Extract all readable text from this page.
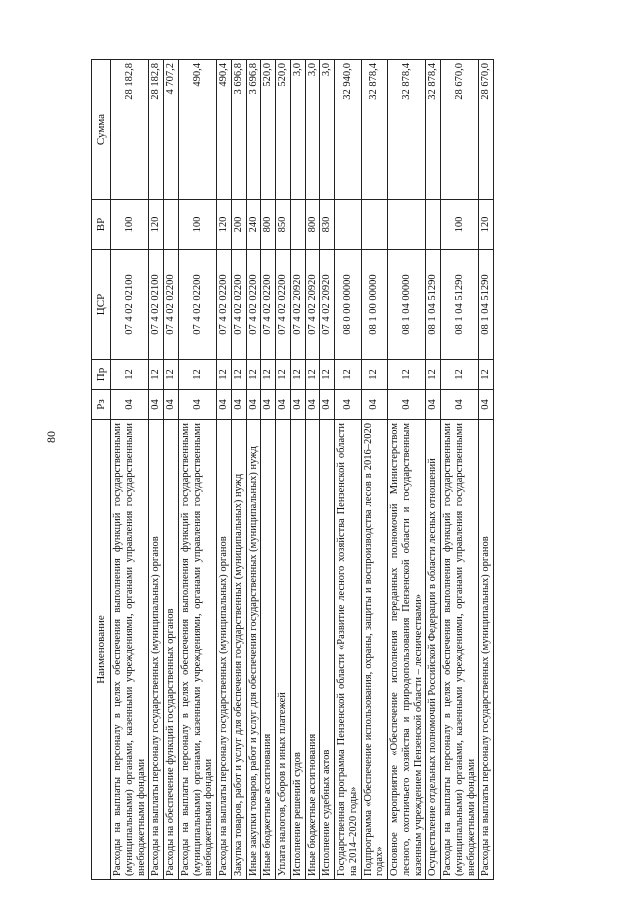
80
Наименование	Рз	Пр	ЦСР	ВР	Сумма
Расходы на выплаты персоналу в целях обеспечения выполнения функций государственными (муниципальными) органами, казенными учреждениями, органами управления государственными внебюджетными фондами	04	12	07 4 02 02100	100	28 182,8
Расходы на выплаты персоналу государственных (муниципальных) органов	04	12	07 4 02 02100	120	28 182,8
Расходы на обеспечение функций государственных органов	04	12	07 4 02 02200		4 707,2
Расходы на выплаты персоналу в целях обеспечения выполнения функций государственными (муниципальными) органами, казенными учреждениями, органами управления государственными внебюджетными фондами	04	12	07 4 02 02200	100	490,4
Расходы на выплаты персоналу государственных (муниципальных) органов	04	12	07 4 02 02200	120	490,4
Закупка товаров, работ и услуг для обеспечения государственных (муниципальных) нужд	04	12	07 4 02 02200	200	3 696,8
Иные закупки товаров, работ и услуг для обеспечения государственных (муниципальных) нужд	04	12	07 4 02 02200	240	3 696,8
Иные бюджетные ассигнования	04	12	07 4 02 02200	800	520,0
Уплата налогов, сборов и иных платежей	04	12	07 4 02 02200	850	520,0
Исполнение решений судов	04	12	07 4 02 20920		3,0
Иные бюджетные ассигнования	04	12	07 4 02 20920	800	3,0
Исполнение судебных актов	04	12	07 4 02 20920	830	3,0
Государственная программа Пензенской области «Развитие лесного хозяйства Пензенской области на 2014–2020 годы»	04	12	08 0 00 00000		32 940,0
Подпрограмма «Обеспечение использования, охраны, защиты и воспроизводства лесов в 2016–2020 годах»	04	12	08 1 00 00000		32 878,4
Основное мероприятие «Обеспечение исполнения переданных полномочий Министерством лесного, охотничьего хозяйства и природопользования Пензенской области и государственным казенным учреждением Пензенской области – лесничествами»	04	12	08 1 04 00000		32 878,4
Осуществление отдельных полномочий Российской Федерации в области лесных отношений	04	12	08 1 04 51290		32 878,4
Расходы на выплаты персоналу в целях обеспечения выполнения функций государственными (муниципальными) органами, казенными учреждениями, органами управления государственными внебюджетными фондами	04	12	08 1 04 51290	100	28 670,0
Расходы на выплаты персоналу государственных (муниципальных) органов	04	12	08 1 04 51290	120	28 670,0
